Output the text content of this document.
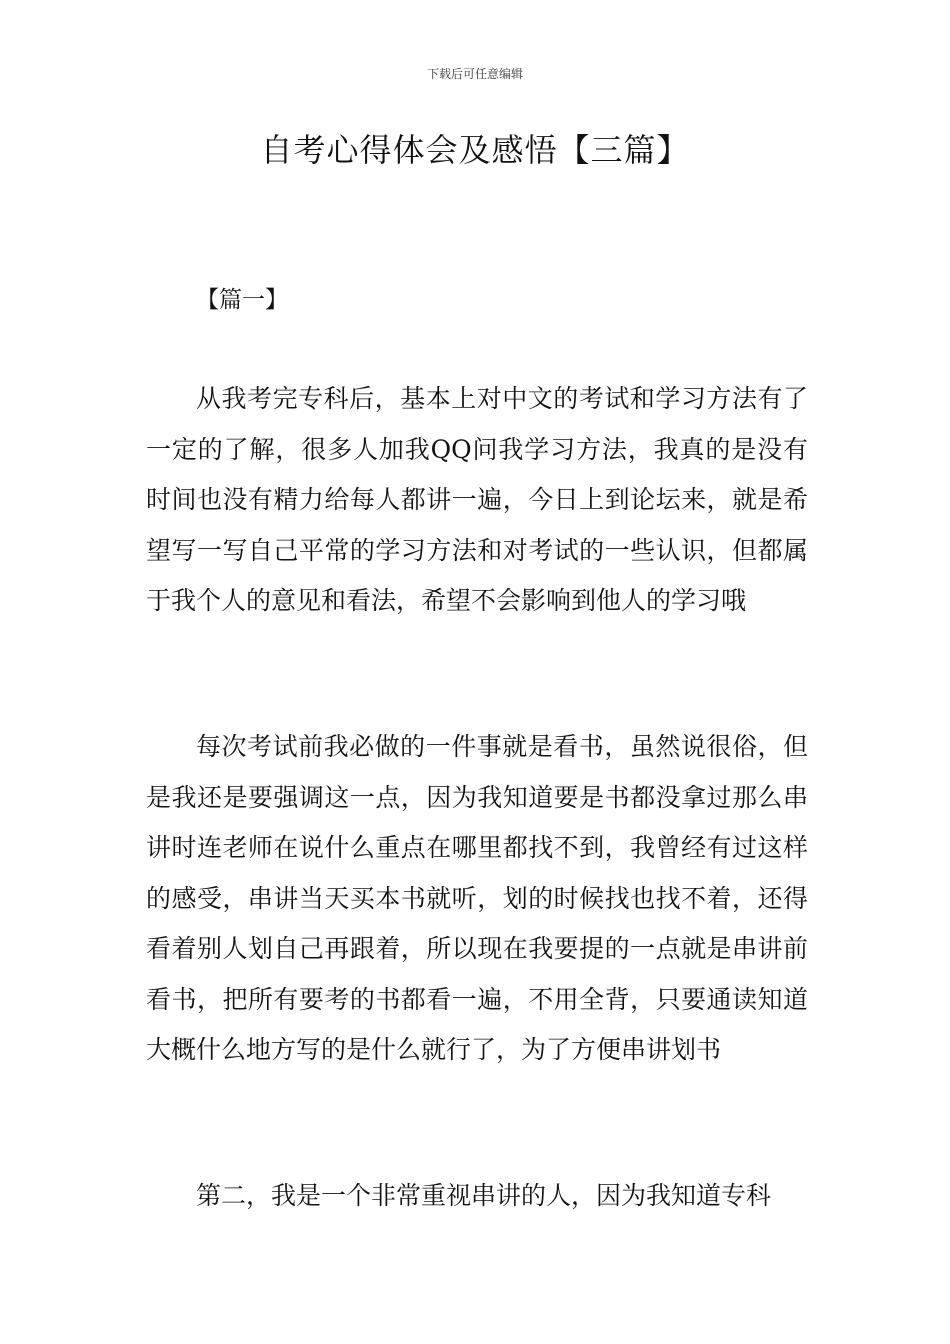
下载后可任意编辑
自考心得体会及感悟【三篇】
【篇一】

从我考完专科后，基本上对中文的考试和学习方法有了一定的了解，很多人加我QQ问我学习方法，我真的是没有时间也没有精力给每人都讲一遍，今日上到论坛来，就是希望写一写自己平常的学习方法和对考试的一些认识，但都属于我个人的意见和看法，希望不会影响到他人的学习哦

每次考试前我必做的一件事就是看书，虽然说很俗，但是我还是要强调这一点，因为我知道要是书都没拿过那么串讲时连老师在说什么重点在哪里都找不到，我曾经有过这样的感受，串讲当天买本书就听，划的时候找也找不着，还得看着别人划自己再跟着，所以现在我要提的一点就是串讲前看书，把所有要考的书都看一遍，不用全背，只要通读知道大概什么地方写的是什么就行了，为了方便串讲划书

第二，我是一个非常重视串讲的人，因为我知道专科
